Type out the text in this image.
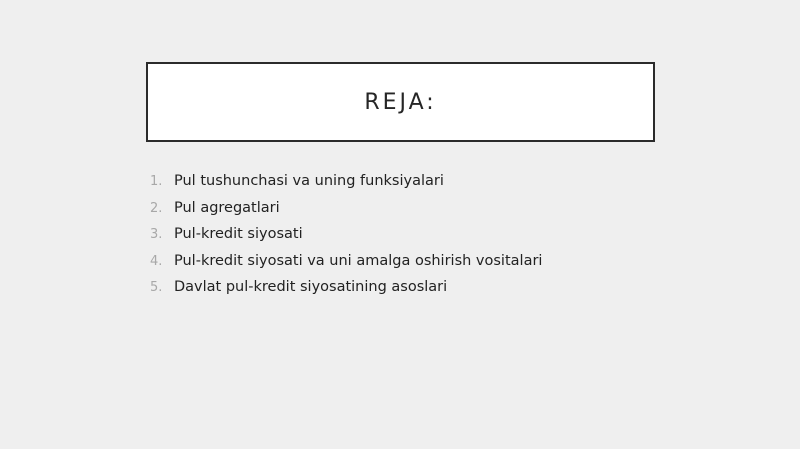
REJA:
1. Pul tushunchasi va uning funksiyalari
2. Pul agregatlari
3. Pul-kredit siyosati
4. Pul-kredit siyosati va uni amalga oshirish vositalari
5. Davlat pul-kredit siyosatining asoslari
